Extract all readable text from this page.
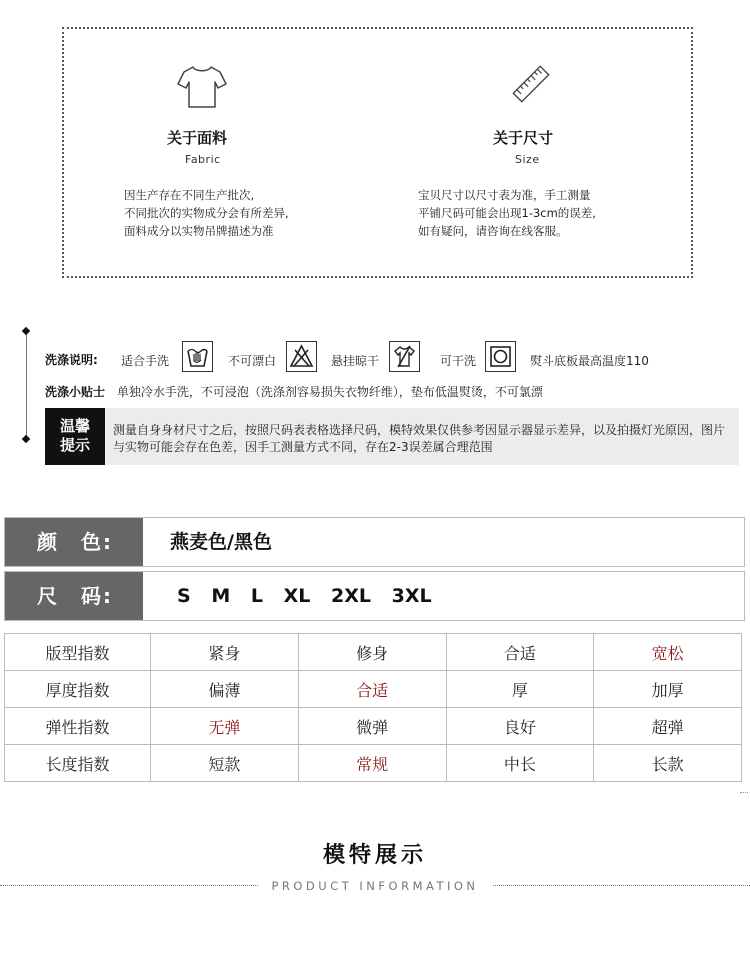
关于面料
Fabric
因生产存在不同生产批次,
不同批次的实物成分会有所差异,
面料成分以实物吊牌描述为准
关于尺寸
Size
宝贝尺寸以尺寸表为准，手工测量
平铺尺码可能会出现1-3cm的误差,
如有疑问，请咨询在线客服。
洗涤说明: 适合手洗	不可漂白	悬挂晾干	可干洗	熨斗底板最高温度110
洗涤小贴士 单独冷水手洗，不可浸泡（洗涤剂容易损失衣物纤维），垫布低温熨烫，不可氯漂
温馨
提示
测量自身身材尺寸之后，按照尺码表表格选择尺码，模特效果仅供参考因显示器显示差异，以及拍摄灯光原因，图片与实物可能会存在色差，因手工测量方式不同，存在2-3误差属合理范围
颜　色:	燕麦色/黑色
尺　码:	S M L XL 2XL 3XL
版型指数	紧身	修身	合适	宽松
厚度指数	偏薄	合适	厚	加厚
弹性指数	无弹	微弹	良好	超弹
长度指数	短款	常规	中长	长款
模特展示
PRODUCT INFORMATION
